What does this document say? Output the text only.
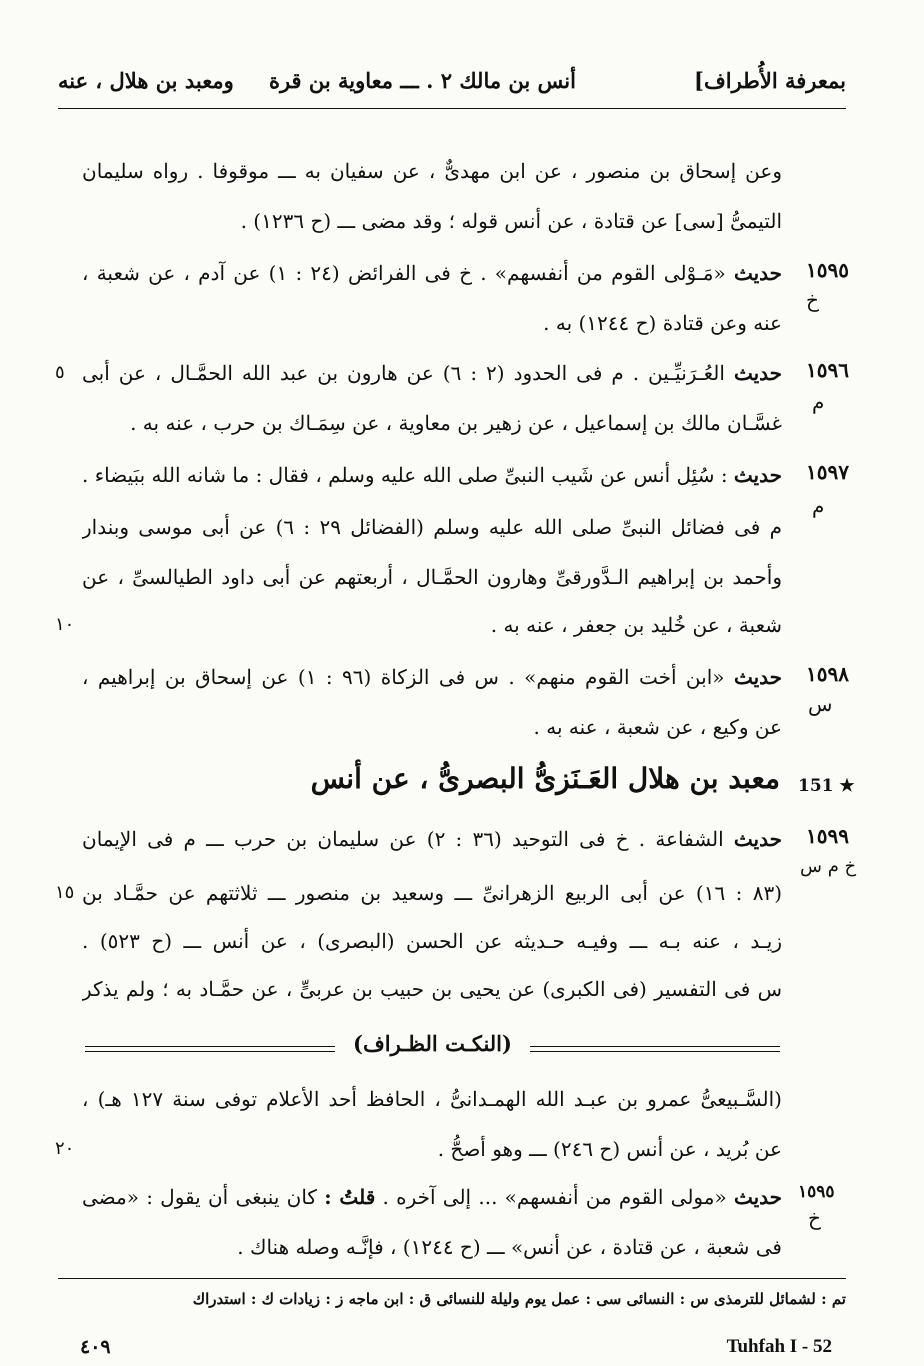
بمعرفة الأُطراف]
أنس بن مالك ۲ . ـــ معاوية بن قرة
ومعبد بن هلال ، عنه
وعن إسحاق بن منصور ، عن ابن مهدىٌّ ، عن سفيان به ـــ موقوفا . رواه سليمان
التيمىُّ [سى] عن قتادة ، عن أنس قوله ؛ وقد مضى ـــ (ح ١٢٣٦) .
١٥٩٥
خ
حديث «مَـوْلى القوم من أنفسهم» . خ فى الفرائض (٢٤ : ١) عن آدم ، عن شعبة ،
عنه وعن قتادة (ح ١٢٤٤) به .
١٥٩٦
م
٥	حديث العُـرَنيِّـين . م فى الحدود (٢ : ٦) عن هارون بن عبد الله الحمَّـال ، عن أبى
غسَّـان مالك بن إسماعيل ، عن زهير بن معاوية ، عن سِمَـاك بن حرب ، عنه به .
١٥٩٧
م
حديث : سُئِل أنس عن شَيب النبىِّ صلى الله عليه وسلم ، فقال : ما شانه الله ببَيضاء .
م فى فضائل النبىِّ صلى الله عليه وسلم (الفضائل ٢٩ : ٦) عن أبى موسى وبندار
وأحمد بن إبراهيم الـدَّورقىِّ وهارون الحمَّـال ، أربعتهم عن أبى داود الطيالسىِّ ، عن
١٠	شعبة ، عن خُليد بن جعفر ، عنه به .
١٥٩٨
س
حديث «ابن أخت القوم منهم» . س فى الزكاة (٩٦ : ١) عن إسحاق بن إبراهيم ،
عن وكيع ، عن شعبة ، عنه به .
معبد بن هلال العَـنَزىُّ البصرىُّ ، عن أنس 151 ★
١٥٩٩
خ م س
حديث الشفاعة . خ فى التوحيد (٣٦ : ٢) عن سليمان بن حرب ـــ م فى الإيمان
١٥ (٨٣ : ١٦) عن أبى الربيع الزهرانىِّ ـــ وسعيد بن منصور ـــ ثلاثتهم عن حمَّـاد بن
زيـد ، عنه بـه ـــ وفيـه حـديثه عن الحسن (البصرى) ، عن أنس ـــ (ح ٥٢٣) .
س فى التفسير (فى الكبرى) عن يحيى بن حبيب بن عربىٍّ ، عن حمَّـاد به ؛ ولم يذكر
(النكـت الظـراف)
(السَّـبيعىُّ عمرو بن عبـد الله الهمـدانىُّ ، الحافظ أحد الأعلام توفى سنة ١٢٧ هـ) ،
٢٠	عن بُريد ، عن أنس (ح ٢٤٦) ـــ وهو أصحُّ .
١٥٩٥
خ
حديث «مولى القوم من أنفسهم» ... إلى آخره . قلتُ : كان ينبغى أن يقول : «مضى
فى شعبة ، عن قتادة ، عن أنس» ـــ (ح ١٢٤٤) ، فإنَّـه وصله هناك .
تم : لشمائل للترمذى س : النسائى سى : عمل يوم وليلة للنسائى ق : ابن ماجه ز : زيادات ك : استدراك
٤٠٩	Tuhfah I - 52
